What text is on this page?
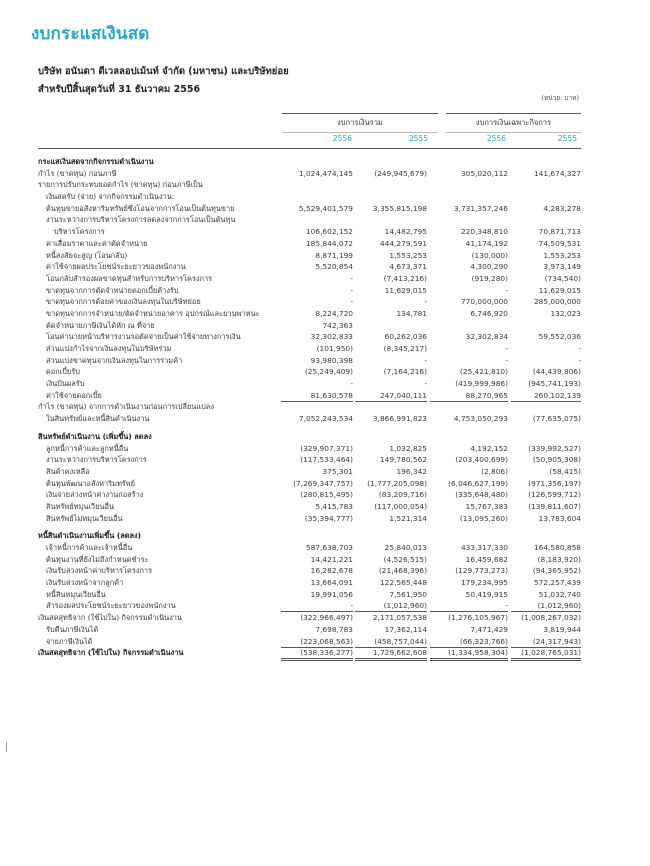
งบกระแสเงินสด
บริษัท อนันดา ดีเวลลอปเม้นท์ จำกัด (มหาชน) และบริษัทย่อย
สำหรับปีสิ้นสุดวันที่ 31 ธันวาคม 2556
(หน่วย: บาท)
งบการเงินรวม	งบการเงินเฉพาะกิจการ
2556	2555	2556	2555
กระแสเงินสดจากกิจกรรมดำเนินงาน
กำไร (ขาดทุน) ก่อนภาษี	1,024,474,145	(249,945,679)	305,020,112	141,674,327
รายการปรับกระทบยอดกำไร (ขาดทุน) ก่อนภาษีเป็น
เงินสดรับ (จ่าย) จากกิจกรรมดำเนินงาน:
ต้นทุนขายอสังหาริมทรัพย์ซึ่งโอนจากการโอนเป็นต้นทุนขาย	5,529,401,579	3,355,815,198	3,731,357,246	4,283,278
งานระหว่างการบริหารโครงการลดลงจากการโอนเป็นต้นทุน
บริหารโครงการ	106,602,152	14,482,795	220,348,810	70,871,713
ค่าเสื่อมราคาและค่าตัดจำหน่าย	185,844,072	444,279,591	41,174,192	74,509,531
หนี้สงสัยจะสูญ (โอนกลับ)	8,871,199	1,553,253	(130,000)	1,553,253
ค่าใช้จ่ายผลประโยชน์ระยะยาวของพนักงาน	5,520,854	4,673,371	4,300,290	3,973,149
โอนกลับสำรองผลขาดทุนสำหรับการบริหารโครงการ	-	(7,413,216)	(919,280)	(734,540)
ขาดทุนจากการตัดจำหน่ายดอกเบี้ยค้างรับ	-	11,629,015	-	11,629,015
ขาดทุนจากการด้อยค่าของเงินลงทุนในบริษัทย่อย	-	-	770,000,000	285,000,000
ขาดทุนจากการจำหน่าย/ตัดจำหน่ายอาคาร อุปกรณ์และยานพาหนะ	8,224,720	134,781	6,746,920	132,023
ตัดจำหน่ายภาษีเงินได้หัก ณ ที่จ่าย	742,363
โอนค่านายหน้าบริหารงานรอตัดจ่ายเป็นค่าใช้จ่ายทางการเงิน	32,302,833	60,262,036	32,302,834	59,552,036
ส่วนแบ่งกำไรจากเงินลงทุนในบริษัทร่วม	(101,950)	(8,345,217)	-	-
ส่วนแบ่งขาดทุนจากเงินลงทุนในการร่วมค้า	93,980,398	-	-	-
ดอกเบี้ยรับ	(25,249,409)	(7,164,216)	(25,421,810)	(44,439,806)
เงินปันผลรับ	-	-	(419,999,986)	(945,741,193)
ค่าใช้จ่ายดอกเบี้ย	81,630,578	247,040,111	88,270,965	260,102,139
กำไร (ขาดทุน) จากการดำเนินงานก่อนการเปลี่ยนแปลง
ในสินทรัพย์และหนี้สินดำเนินงาน	7,052,243,534	3,866,991,823	4,753,050,293	(77,635,075)
สินทรัพย์ดำเนินงาน (เพิ่มขึ้น) ลดลง
ลูกหนี้การค้าและลูกหนี้อื่น	(329,907,371)	1,032,825	4,192,152	(339,992,527)
งานระหว่างการบริหารโครงการ	(117,533,464)	149,780,562	(203,400,699)	(50,905,308)
สินค้าคงเหลือ	375,301	196,342	(2,806)	(58,415)
ต้นทุนพัฒนาอสังหาริมทรัพย์	(7,269,347,757)	(1,777,205,098)	(6,046,627,199)	(971,356,197)
เงินจ่ายล่วงหน้าค่างานก่อสร้าง	(280,815,495)	(83,209,716)	(335,648,480)	(126,599,712)
สินทรัพย์หมุนเวียนอื่น	5,415,783	(117,000,054)	15,767,383	(139,811,607)
สินทรัพย์ไม่หมุนเวียนอื่น	(35,394,777)	1,521,314	(13,095,260)	13,783,604
หนี้สินดำเนินงานเพิ่มขึ้น (ลดลง)
เจ้าหนี้การค้าและเจ้าหนี้อื่น	587,638,703	25,840,013	433,317,330	164,580,858
ต้นทุนงานที่ยังไม่ถึงกำหนดชำระ	14,421,221	(4,526,515)	16,459,682	(8,183,920)
เงินรับล่วงหน้าค่าบริหารโครงการ	16,282,678	(21,468,396)	(129,773,273)	(94,365,952)
เงินรับล่วงหน้าจากลูกค้า	13,664,091	122,565,448	179,234,995	572,257,439
หนี้สินหมุนเวียนอื่น	19,991,056	7,561,950	50,419,915	51,032,740
สำรองผลประโยชน์ระยะยาวของพนักงาน	-	(1,012,960)	-	(1,012,960)
เงินสดสุทธิจาก (ใช้ไปใน) กิจกรรมดำเนินงาน	(322,966,497)	2,171,057,538	(1,276,105,967)	(1,008,267,032)
รับคืนภาษีเงินได้	7,698,783	17,362,114	7,471,429	3,819,944
จ่ายภาษีเงินได้	(223,068,563)	(458,757,044)	(66,323,766)	(24,317,943)
เงินสดสุทธิจาก (ใช้ไปใน) กิจกรรมดำเนินงาน	(538,336,277)	1,729,662,608	(1,334,958,304)	(1,028,765,031)
